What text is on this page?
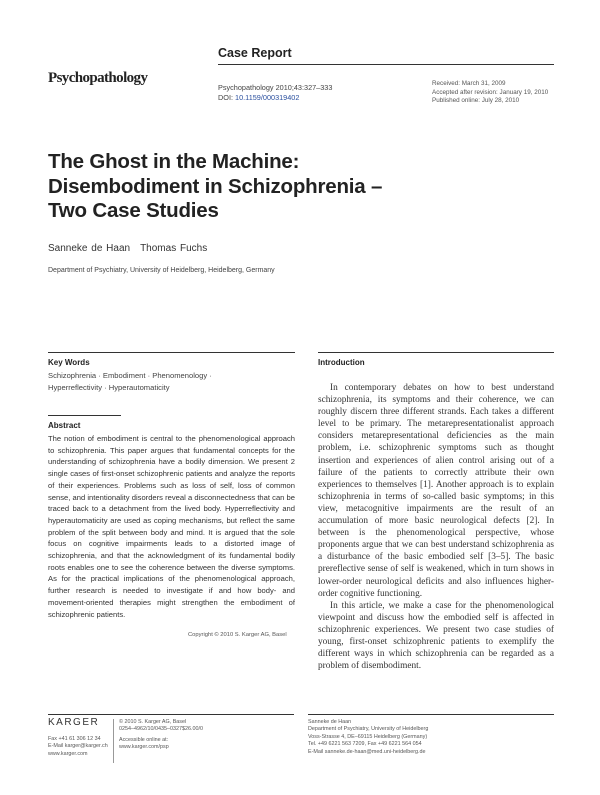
Case Report
Psychopathology
Psychopathology 2010;43:327–333
DOI: 10.1159/000319402
Received: March 31, 2009
Accepted after revision: January 19, 2010
Published online: July 28, 2010
The Ghost in the Machine:
Disembodiment in Schizophrenia –
Two Case Studies
Sanneke de Haan Thomas Fuchs
Department of Psychiatry, University of Heidelberg, Heidelberg, Germany
Key Words
Schizophrenia · Embodiment · Phenomenology ·
Hyperreflectivity · Hyperautomaticity
Abstract
The notion of embodiment is central to the phenomenological approach to schizophrenia. This paper argues that fundamental concepts for the understanding of schizophrenia have a bodily dimension. We present 2 single cases of first-onset schizophrenic patients and analyze the reports of their experiences. Problems such as loss of self, loss of common sense, and intentionality disorders reveal a disconnectedness that can be traced back to a detachment from the lived body. Hyperreflectivity and hyperautomaticity are used as coping mechanisms, but reflect the same problem of the split between body and mind. It is argued that the sole focus on cognitive impairments leads to a distorted image of schizophrenia, and that the acknowledgment of its fundamental bodily roots enables one to see the coherence between the diverse symptoms. As for the practical implications of the phenomenological approach, further research is needed to investigate if and how body- and movement-oriented therapies might strengthen the embodiment of schizophrenic patients.
Copyright © 2010 S. Karger AG, Basel
Introduction

In contemporary debates on how to best understand schizophrenia, its symptoms and their coherence, we can roughly discern three different strands. Each takes a different level to be primary. The metarepresentationalist approach considers metarepresentational deficiencies as the main problem, i.e. schizophrenic symptoms such as thought insertion and experiences of alien control arising out of a failure of the patients to correctly attribute their own experiences to themselves [1]. Another approach is to explain schizophrenia in terms of so-called basic symptoms; in this view, metacognitive impairments are the result of an accumulation of more basic neurological defects [2]. In between is the phenomenological perspective, whose proponents argue that we can best understand schizophrenia as a disturbance of the basic embodied self [3–5]. The basic prereflective sense of self is weakened, which in turn shows in lower-order neurological deficits and also influences higher-order cognitive functioning.

In this article, we make a case for the phenomenological viewpoint and discuss how the embodied self is affected in schizophrenic experiences. We present two case studies of young, first-onset schizophrenic patients to exemplify the different ways in which schizophrenia can be regarded as a problem of disembodiment.

KARGER
Fax +41 61 306 12 34
E-Mail karger@karger.ch
www.karger.com
© 2010 S. Karger AG, Basel
0254–4962/10/0435–0327$26.00/0
Accessible online at:
www.karger.com/psp
Sanneke de Haan
Department of Psychiatry, University of Heidelberg
Voss-Strasse 4, DE–69115 Heidelberg (Germany)
Tel. +49 6221 563 7209, Fax +49 6221 564 054
E-Mail sanneke.de-haan@med.uni-heidelberg.de
